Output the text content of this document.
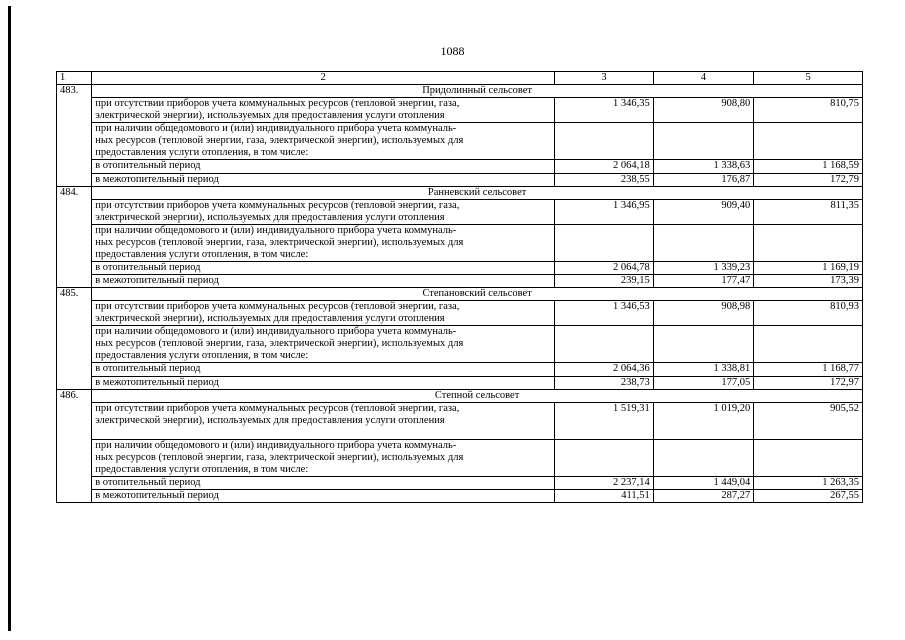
1088
1	2	3	4	5
483.	Придолинный сельсовет			

	при отсутствии приборов учета коммунальных ресурсов (тепловой энергии, газа,
электрической энергии), используемых для предоставления услуги отопления	1 346,35	908,80	810,75

	при наличии общедомового и (или) индивидуального прибора учета коммуналь-
ных ресурсов (тепловой энергии, газа, электрической энергии), используемых для
предоставления услуги отопления, в том числе:			

	в отопительный период	2 064,18	1 338,63	1 168,59

	в межотопительный период	238,55	176,87	172,79
484.	Ранневский сельсовет			

	при отсутствии приборов учета коммунальных ресурсов (тепловой энергии, газа,
электрической энергии), используемых для предоставления услуги отопления	1 346,95	909,40	811,35

	при наличии общедомового и (или) индивидуального прибора учета коммуналь-
ных ресурсов (тепловой энергии, газа, электрической энергии), используемых для
предоставления услуги отопления, в том числе:			

	в отопительный период	2 064,78	1 339,23	1 169,19

	в межотопительный период	239,15	177,47	173,39
485.	Степановский сельсовет			

	при отсутствии приборов учета коммунальных ресурсов (тепловой энергии, газа,
электрической энергии), используемых для предоставления услуги отопления	1 346,53	908,98	810,93

	при наличии общедомового и (или) индивидуального прибора учета коммуналь-
ных ресурсов (тепловой энергии, газа, электрической энергии), используемых для
предоставления услуги отопления, в том числе:			

	в отопительный период	2 064,36	1 338,81	1 168,77

	в межотопительный период	238,73	177,05	172,97
486.	Степной сельсовет			

	при отсутствии приборов учета коммунальных ресурсов (тепловой энергии, газа,
электрической энергии), используемых для предоставления услуги отопления	1 519,31	1 019,20	905,52

	при наличии общедомового и (или) индивидуального прибора учета коммуналь-
ных ресурсов (тепловой энергии, газа, электрической энергии), используемых для
предоставления услуги отопления, в том числе:			

	в отопительный период	2 237,14	1 449,04	1 263,35

	в межотопительный период	411,51	287,27	267,55
